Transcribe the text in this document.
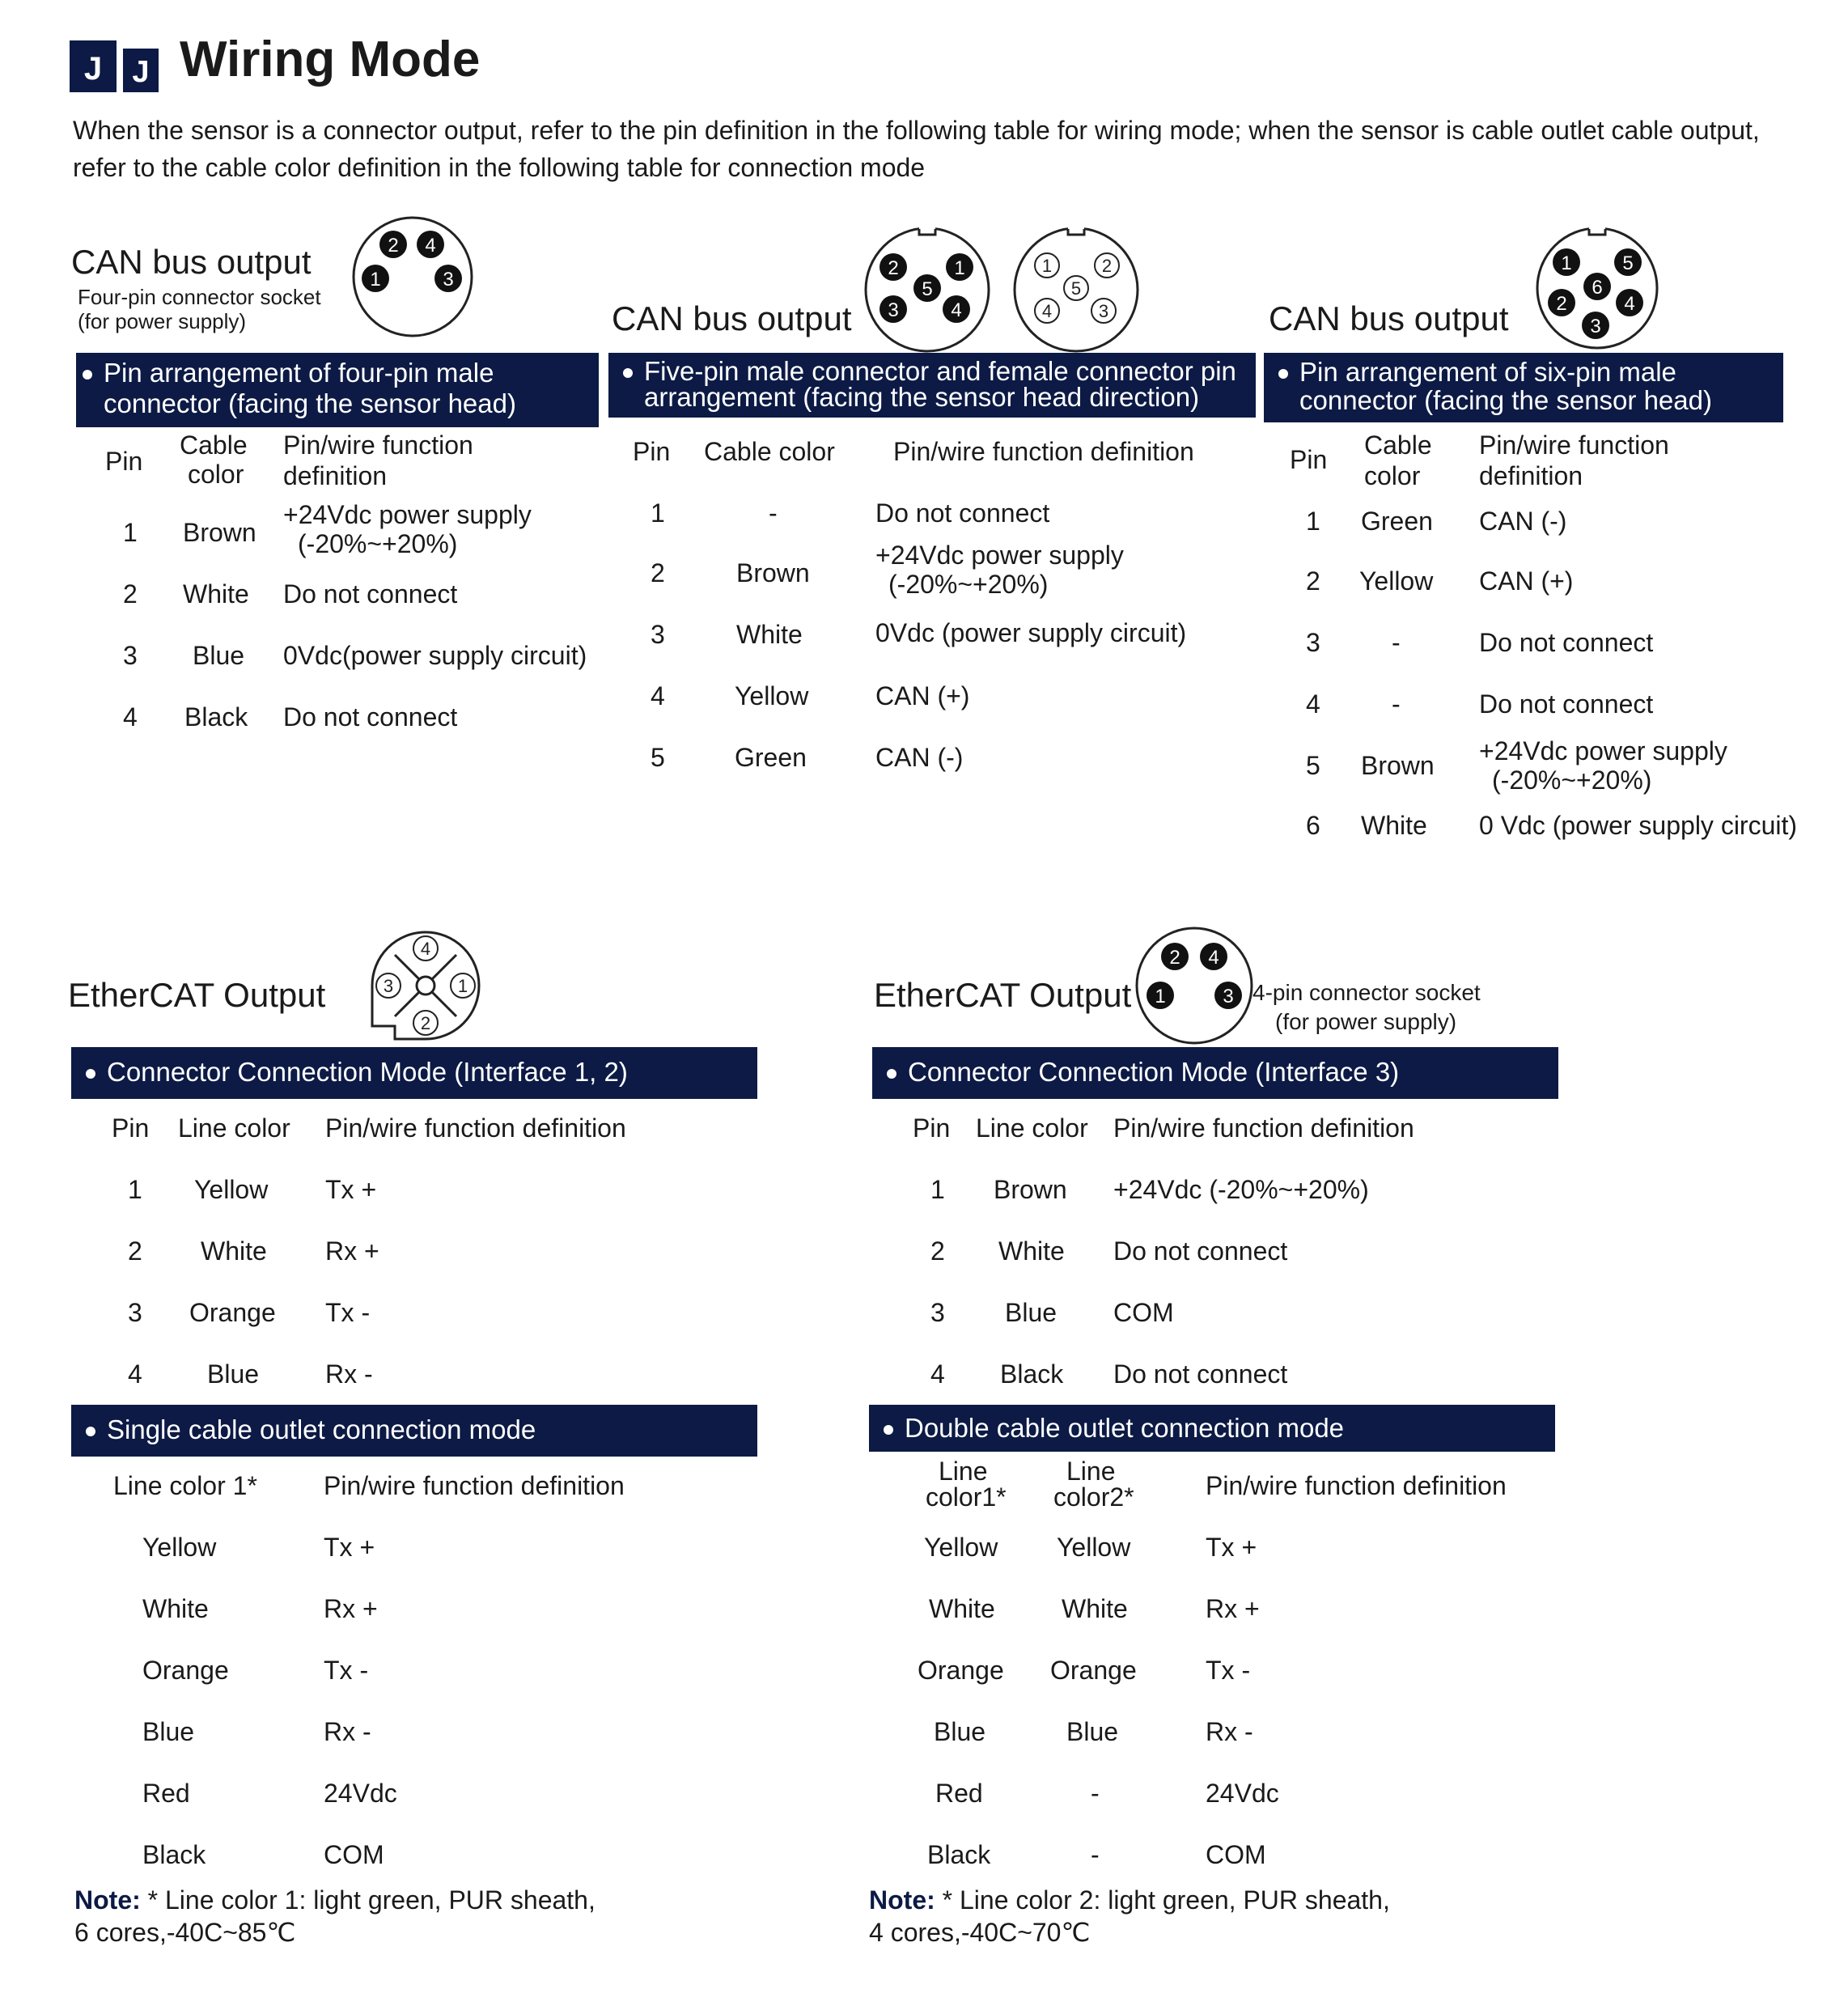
J J Wiring Mode
When the sensor is a connector output, refer to the pin definition in the following table for wiring mode; when the sensor is cable outlet cable output, refer to the cable color definition in the following table for connection mode
CAN bus output
Four-pin connector socket
(for power supply)
1
2
3
4
Pin arrangement of four-pin male
connector (facing the sensor head)
Pin
Cable
color
Pin/wire function
definition
1 Brown
+24Vdc power supply
(-20%~+20%)
2 White Do not connect
3 Blue 0Vdc(power supply circuit)
4 Black Do not connect
1
2
3	4
5
1	2
3
4
5
CAN bus output
Five-pin male connector and female connector pin
arrangement (facing the sensor head direction)
Pin Cable color Pin/wire function definition
1	-	Do not connect
2	Brown
+24Vdc power supply
(-20%~+20%)
3	White	0Vdc (power supply circuit)
4	Yellow	CAN (+)
5	Green	CAN (-)
1
2
3
4
5
6
CAN bus output
Pin arrangement of six-pin male
connector (facing the sensor head)
Pin Cable
color
Pin/wire function
definition
1 Green CAN (-)
2 Yellow CAN (+)
3	-	Do not connect
4	-	Do not connect
5 Brown +24Vdc power supply
(-20%~+20%)
6 White 0 Vdc (power supply circuit)
EtherCAT Output	1
2
3
4
Connector Connection Mode (Interface 1, 2)
Pin Line color Pin/wire function definition
1 Yellow Tx +
2 White Rx +
3 Orange Tx -
4	Blue	Rx -
Single cable outlet connection mode
Line color 1*	Pin/wire function definition
Yellow	Tx +
White	Rx +
Orange	Tx -
Blue	Rx -
Red	24Vdc
Black	COM
Note: * Line color 1: light green, PUR sheath,
6 cores,-40C~85℃
EtherCAT Output 1
2
3
4
4-pin connector socket
(for power supply)
Connector Connection Mode (Interface 3)
Pin Line color Pin/wire function definition
1 Brown +24Vdc (-20%~+20%)
2 White Do not connect
3 Blue COM
4 Black Do not connect
Double cable outlet connection mode
Line
color1*
Line
color2*	Pin/wire function definition
Yellow Yellow	Tx +
White	White	Rx +
Orange Orange	Tx -
Blue	Blue	Rx -
Red	-	24Vdc
Black	-	COM
Note: * Line color 2: light green, PUR sheath,
4 cores,-40C~70℃
